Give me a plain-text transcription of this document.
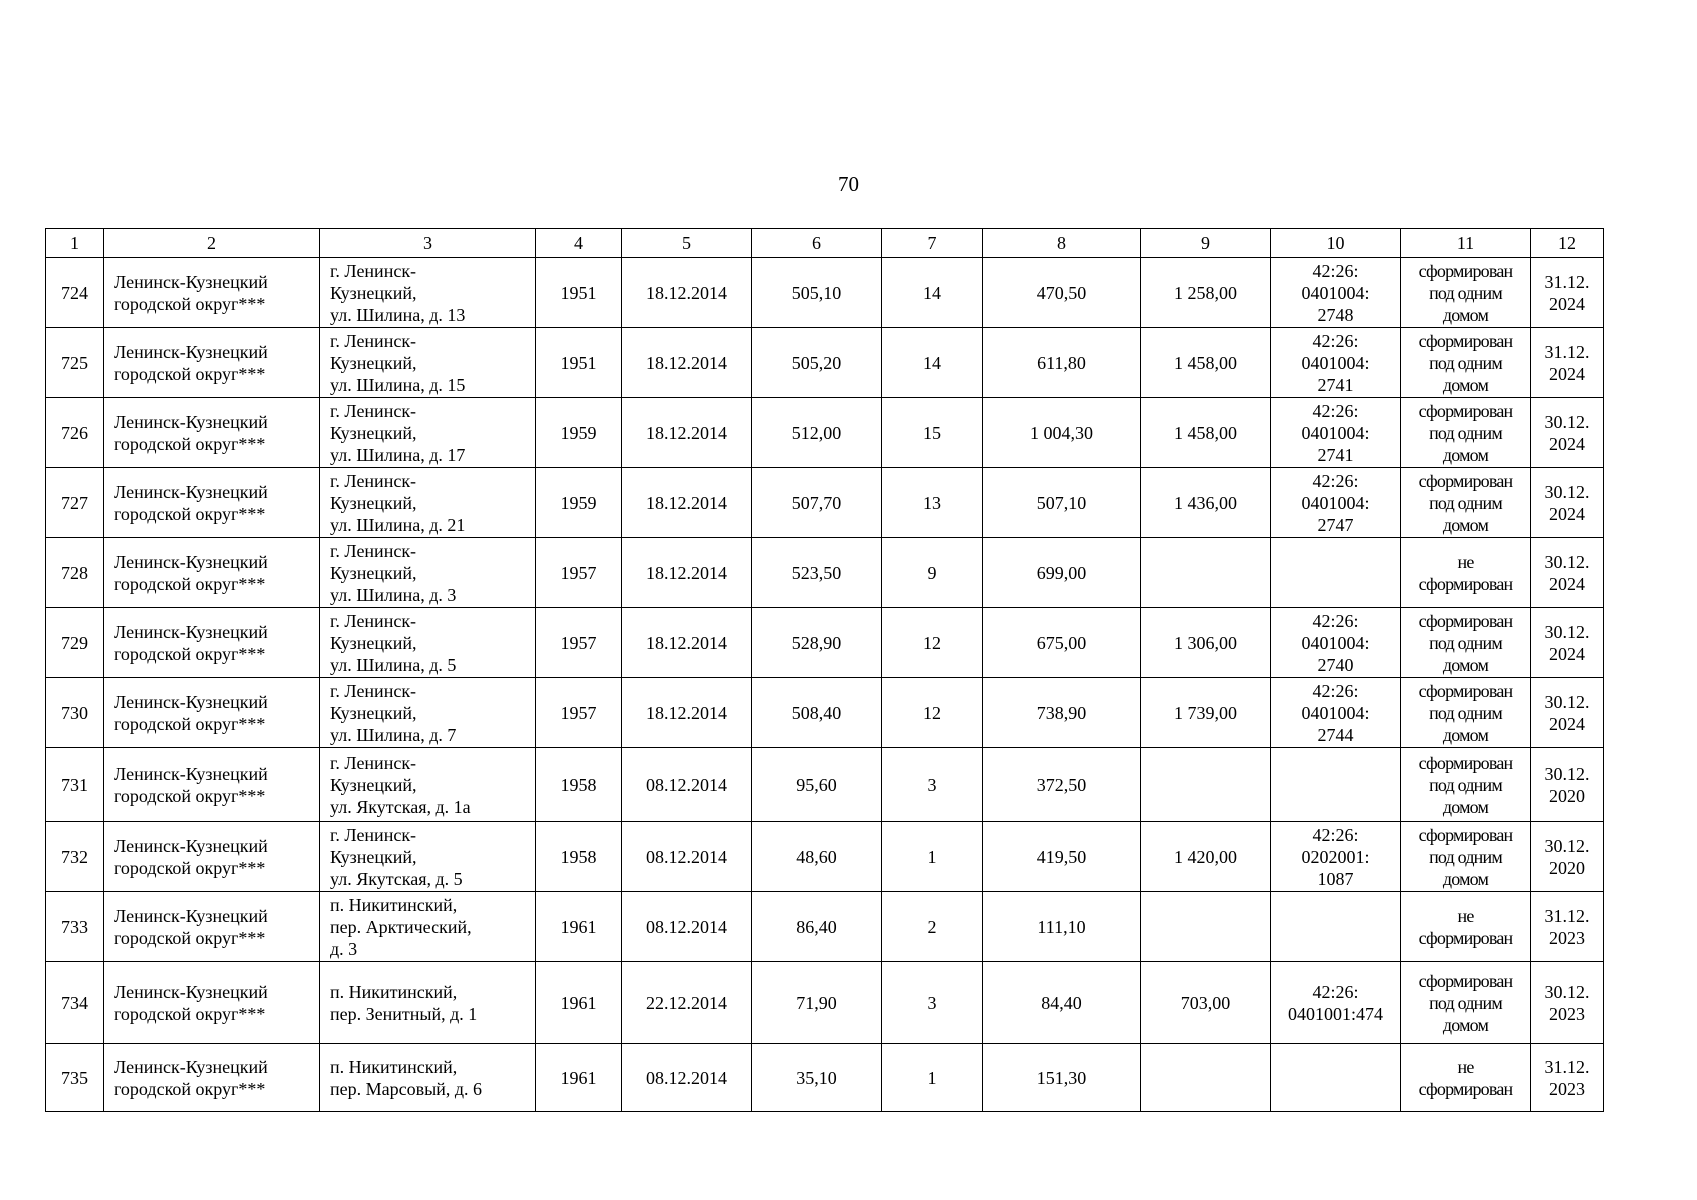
70
1	2	3	4	5	6	7	8	9	10	11	12
724	Ленинск-Кузнецкий
городской округ***	г. Ленинск-
Кузнецкий,
ул. Шилина, д. 13	1951	18.12.2014	505,10	14	470,50	1 258,00	42:26:
0401004:
2748	сформирован
под одним
домом	31.12.
2024

725	Ленинск-Кузнецкий
городской округ***	г. Ленинск-
Кузнецкий,
ул. Шилина, д. 15	1951	18.12.2014	505,20	14	611,80	1 458,00	42:26:
0401004:
2741	сформирован
под одним
домом	31.12.
2024

726	Ленинск-Кузнецкий
городской округ***	г. Ленинск-
Кузнецкий,
ул. Шилина, д. 17	1959	18.12.2014	512,00	15	1 004,30	1 458,00	42:26:
0401004:
2741	сформирован
под одним
домом	30.12.
2024

727	Ленинск-Кузнецкий
городской округ***	г. Ленинск-
Кузнецкий,
ул. Шилина, д. 21	1959	18.12.2014	507,70	13	507,10	1 436,00	42:26:
0401004:
2747	сформирован
под одним
домом	30.12.
2024

728	Ленинск-Кузнецкий
городской округ***	г. Ленинск-
Кузнецкий,
ул. Шилина, д. 3	1957	18.12.2014	523,50	9	699,00			не
сформирован	30.12.
2024

729	Ленинск-Кузнецкий
городской округ***	г. Ленинск-
Кузнецкий,
ул. Шилина, д. 5	1957	18.12.2014	528,90	12	675,00	1 306,00	42:26:
0401004:
2740	сформирован
под одним
домом	30.12.
2024

730	Ленинск-Кузнецкий
городской округ***	г. Ленинск-
Кузнецкий,
ул. Шилина, д. 7	1957	18.12.2014	508,40	12	738,90	1 739,00	42:26:
0401004:
2744	сформирован
под одним
домом	30.12.
2024

731	Ленинск-Кузнецкий
городской округ***	г. Ленинск-
Кузнецкий,
ул. Якутская, д. 1а	1958	08.12.2014	95,60	3	372,50			сформирован
под одним
домом	30.12.
2020

732	Ленинск-Кузнецкий
городской округ***	г. Ленинск-
Кузнецкий,
ул. Якутская, д. 5	1958	08.12.2014	48,60	1	419,50	1 420,00	42:26:
0202001:
1087	сформирован
под одним
домом	30.12.
2020

733	Ленинск-Кузнецкий
городской округ***	п. Никитинский,
пер. Арктический,
д. 3	1961	08.12.2014	86,40	2	111,10			не
сформирован	31.12.
2023

734	Ленинск-Кузнецкий
городской округ***	п. Никитинский,
пер. Зенитный, д. 1	1961	22.12.2014	71,90	3	84,40	703,00	42:26:
0401001:474	сформирован
под одним
домом	30.12.
2023

735	Ленинск-Кузнецкий
городской округ***	п. Никитинский,
пер. Марсовый, д. 6	1961	08.12.2014	35,10	1	151,30			не
сформирован	31.12.
2023
